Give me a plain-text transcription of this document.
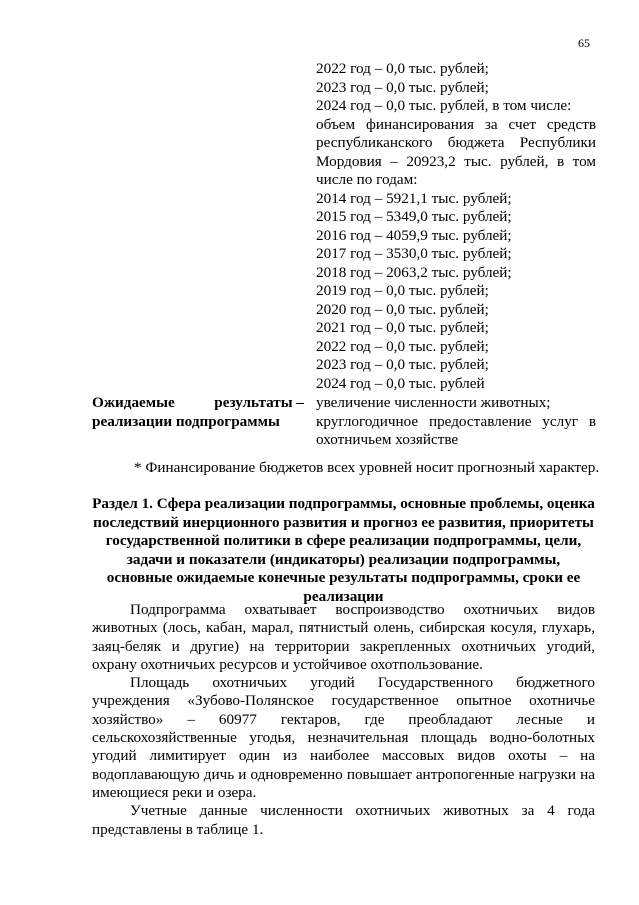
65
2022 год – 0,0 тыс. рублей;
2023 год – 0,0 тыс. рублей;
2024 год – 0,0 тыс. рублей, в том числе:
объем финансирования за счет средств республиканского бюджета Республики Мордовия – 20923,2 тыс. рублей, в том числе по годам:
2014 год – 5921,1 тыс. рублей;
2015 год – 5349,0 тыс. рублей;
2016 год – 4059,9 тыс. рублей;
2017 год – 3530,0 тыс. рублей;
2018 год – 2063,2 тыс. рублей;
2019 год – 0,0 тыс. рублей;
2020 год – 0,0 тыс. рублей;
2021 год – 0,0 тыс. рублей;
2022 год – 0,0 тыс. рублей;
2023 год – 0,0 тыс. рублей;
2024 год – 0,0 тыс. рублей
Ожидаемые	результаты –
реализации подпрограммы
увеличение численности животных;
круглогодичное предоставление услуг в охотничьем хозяйстве
* Финансирование бюджетов всех уровней носит прогнозный характер.
Раздел 1. Сфера реализации подпрограммы, основные проблемы, оценка последствий инерционного развития и прогноз ее развития, приоритеты государственной политики в сфере реализации подпрограммы, цели, задачи и показатели (индикаторы) реализации подпрограммы, основные ожидаемые конечные результаты подпрограммы, сроки ее реализации
Подпрограмма охватывает воспроизводство охотничьих видов животных (лось, кабан, марал, пятнистый олень, сибирская косуля, глухарь, заяц-беляк и другие) на территории закрепленных охотничьих угодий, охрану охотничьих ресурсов и устойчивое охотпользование.
Площадь охотничьих угодий Государственного бюджетного учреждения «Зубово-Полянское государственное опытное охотничье хозяйство» – 60977 гектаров, где преобладают лесные и сельскохозяйственные угодья, незначительная площадь водно-болотных угодий лимитирует один из наиболее массовых видов охоты – на водоплавающую дичь и одновременно повышает антропогенные нагрузки на имеющиеся реки и озера.
Учетные данные численности охотничьих животных за 4 года представлены в таблице 1.
